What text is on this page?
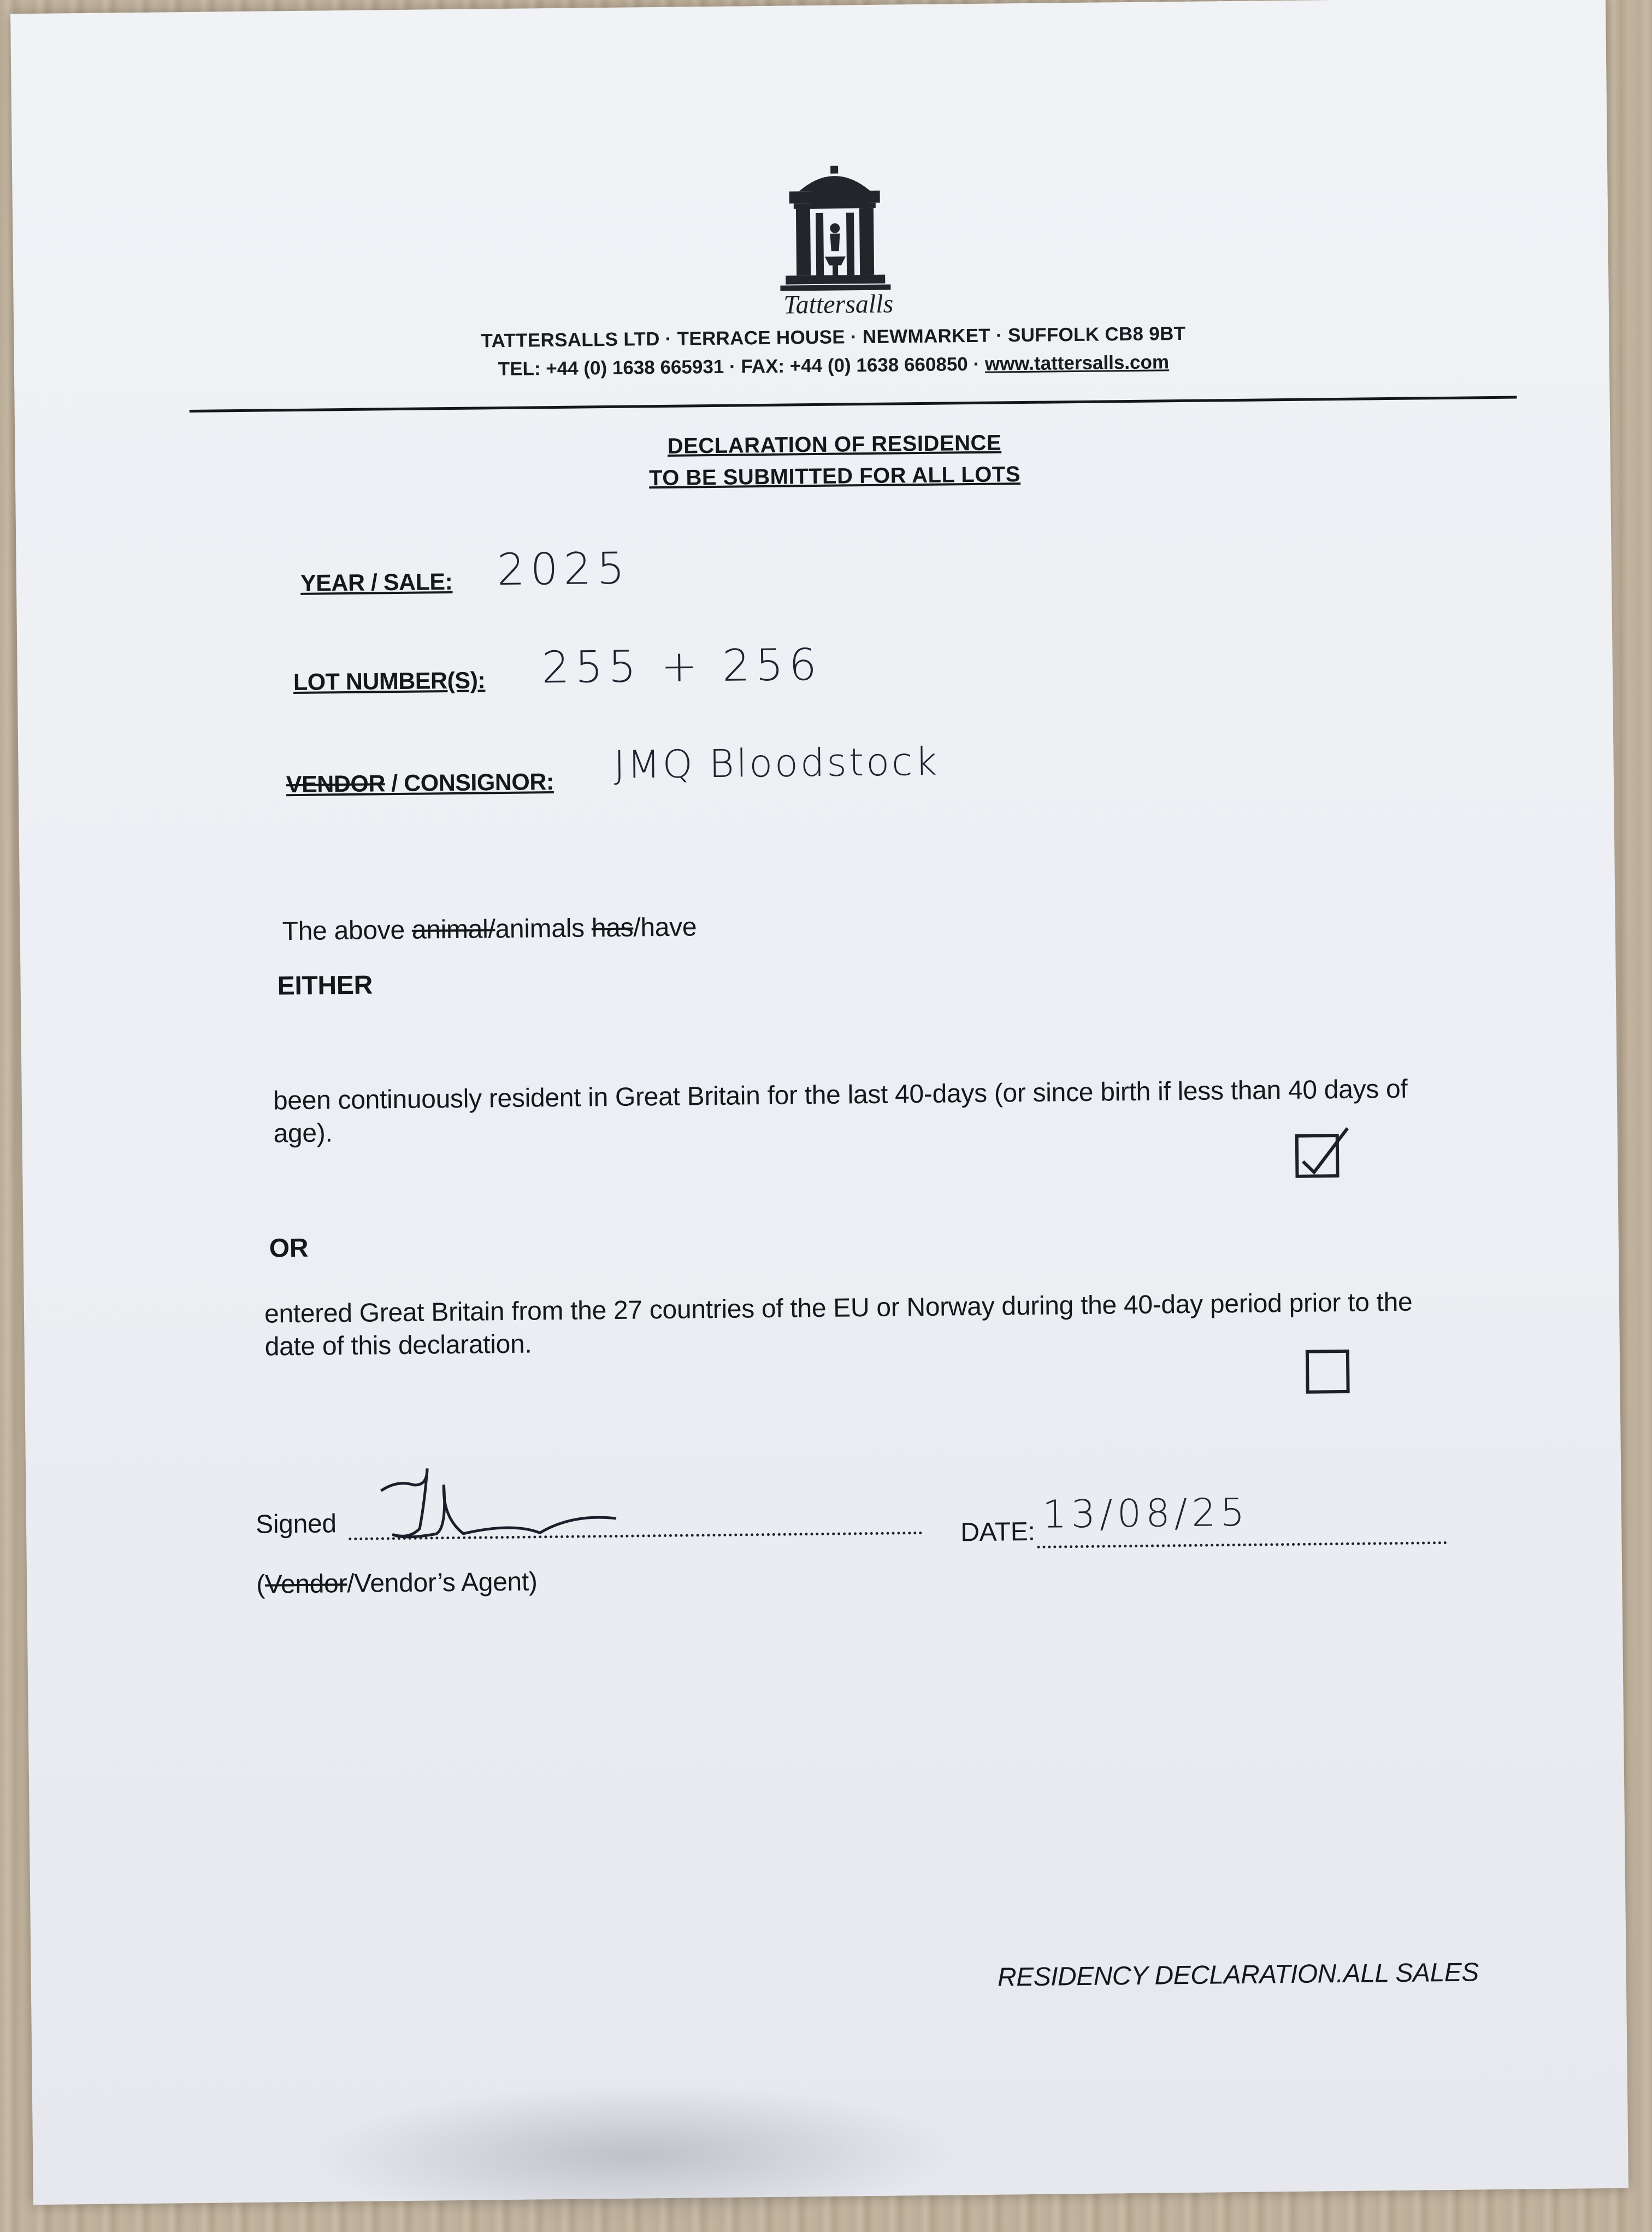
Tattersalls
TATTERSALLS LTD · TERRACE HOUSE · NEWMARKET · SUFFOLK CB8 9BT
TEL: +44 (0) 1638 665931 · FAX: +44 (0) 1638 660850 · www.tattersalls.com
DECLARATION OF RESIDENCE
TO BE SUBMITTED FOR ALL LOTS
YEAR / SALE: 2025
LOT NUMBER(S): 255 + 256
VENDOR / CONSIGNOR: JMQ Bloodstock
The above animal/animals has/have
EITHER
been continuously resident in Great Britain for the last 40-days (or since birth if less than 40 days of age).
OR
entered Great Britain from the 27 countries of the EU or Norway during the 40-day period prior to the date of this declaration.
Signed	DATE: 13/08/25
(Vendor/Vendor’s Agent)
RESIDENCY DECLARATION.ALL SALES
